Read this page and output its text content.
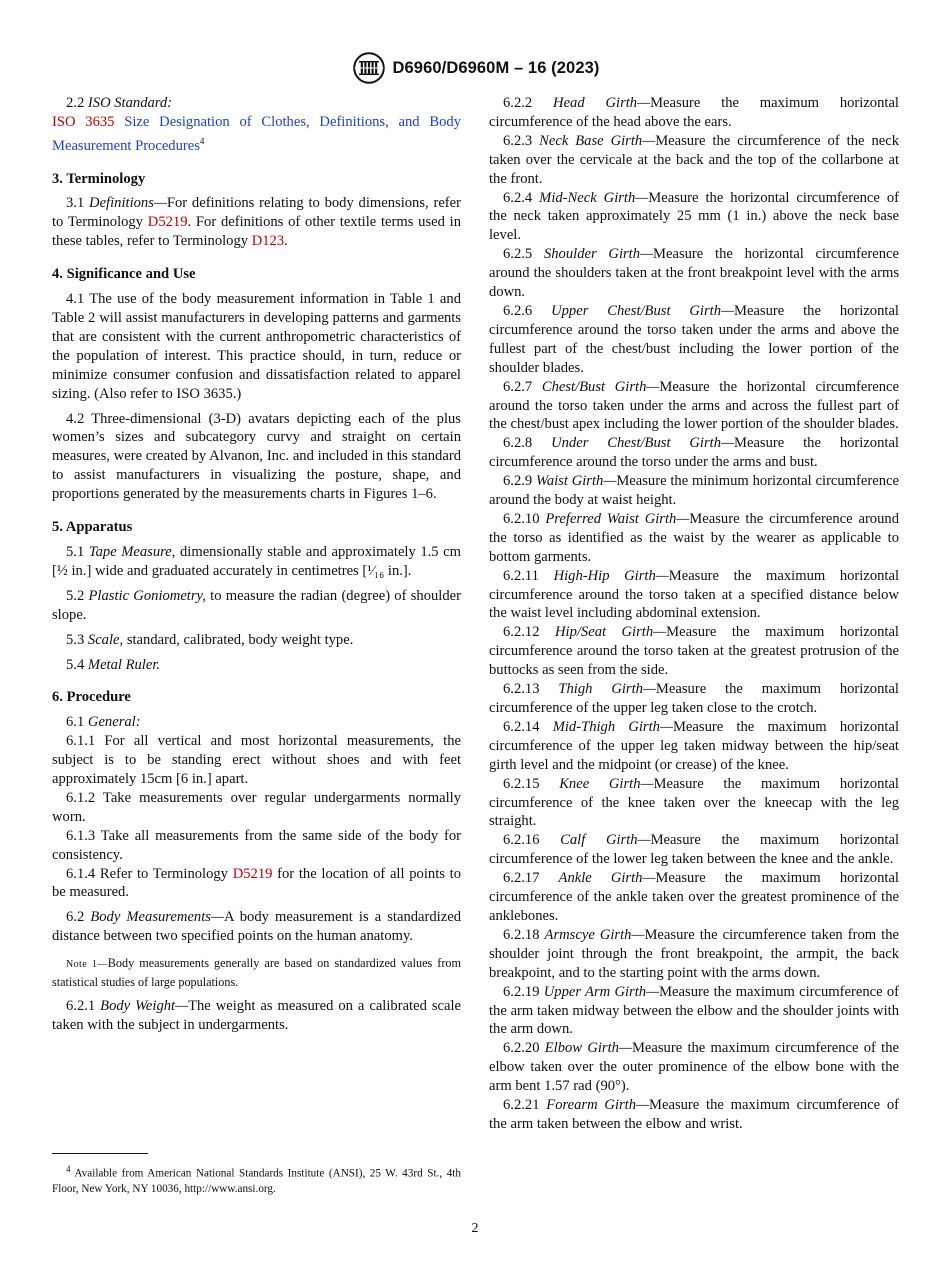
D6960/D6960M – 16 (2023)

2.2 ISO Standard:

ISO 3635 Size Designation of Clothes, Definitions, and Body Measurement Procedures$^4$

3. Terminology

3.1 Definitions—For definitions relating to body dimensions, refer to Terminology D5219. For definitions of other textile terms used in these tables, refer to Terminology D123.

4. Significance and Use

4.1 The use of the body measurement information in Table 1 and Table 2 will assist manufacturers in developing patterns and garments that are consistent with the current anthropometric characteristics of the population of interest. This practice should, in turn, reduce or minimize consumer confusion and dissatisfaction related to apparel sizing. (Also refer to ISO 3635.)

4.2 Three-dimensional (3-D) avatars depicting each of the plus women’s sizes and subcategory curvy and straight on certain measures, were created by Alvanon, Inc. and included in this standard to assist manufacturers in visualizing the posture, shape, and proportions generated by the measurements charts in Figures 1–6.

5. Apparatus

5.1 Tape Measure, dimensionally stable and approximately 1.5 cm [½ in.] wide and graduated accurately in centimetres [¹⁄₁₆ in.].

5.2 Plastic Goniometry, to measure the radian (degree) of shoulder slope.

5.3 Scale, standard, calibrated, body weight type.

5.4 Metal Ruler.

6. Procedure

6.1 General:

6.1.1 For all vertical and most horizontal measurements, the subject is to be standing erect without shoes and with feet approximately 15cm [6 in.] apart.

6.1.2 Take measurements over regular undergarments normally worn.

6.1.3 Take all measurements from the same side of the body for consistency.

6.1.4 Refer to Terminology D5219 for the location of all points to be measured.

6.2 Body Measurements—A body measurement is a standardized distance between two specified points on the human anatomy.

Note 1—Body measurements generally are based on standardized values from statistical studies of large populations.

6.2.1 Body Weight—The weight as measured on a calibrated scale taken with the subject in undergarments.

6.2.2 Head Girth—Measure the maximum horizontal circumference of the head above the ears.

6.2.3 Neck Base Girth—Measure the circumference of the neck taken over the cervicale at the back and the top of the collarbone at the front.

6.2.4 Mid-Neck Girth—Measure the horizontal circumference of the neck taken approximately 25 mm (1 in.) above the neck base level.

6.2.5 Shoulder Girth—Measure the horizontal circumference around the shoulders taken at the front breakpoint level with the arms down.

6.2.6 Upper Chest/Bust Girth—Measure the horizontal circumference around the torso taken under the arms and above the fullest part of the chest/bust including the lower portion of the shoulder blades.

6.2.7 Chest/Bust Girth—Measure the horizontal circumference around the torso taken under the arms and across the fullest part of the chest/bust apex including the lower portion of the shoulder blades.

6.2.8 Under Chest/Bust Girth—Measure the horizontal circumference around the torso under the arms and bust.

6.2.9 Waist Girth—Measure the minimum horizontal circumference around the body at waist height.

6.2.10 Preferred Waist Girth—Measure the circumference around the torso as identified as the waist by the wearer as applicable to bottom garments.

6.2.11 High-Hip Girth—Measure the maximum horizontal circumference around the torso taken at a specified distance below the waist level including abdominal extension.

6.2.12 Hip/Seat Girth—Measure the maximum horizontal circumference around the torso taken at the greatest protrusion of the buttocks as seen from the side.

6.2.13 Thigh Girth—Measure the maximum horizontal circumference of the upper leg taken close to the crotch.

6.2.14 Mid-Thigh Girth—Measure the maximum horizontal circumference of the upper leg taken midway between the hip/seat girth level and the midpoint (or crease) of the knee.

6.2.15 Knee Girth—Measure the maximum horizontal circumference of the knee taken over the kneecap with the leg straight.

6.2.16 Calf Girth—Measure the maximum horizontal circumference of the lower leg taken between the knee and the ankle.

6.2.17 Ankle Girth—Measure the maximum horizontal circumference of the ankle taken over the greatest prominence of the anklebones.

6.2.18 Armscye Girth—Measure the circumference taken from the shoulder joint through the front breakpoint, the armpit, the back breakpoint, and to the starting point with the arms down.

6.2.19 Upper Arm Girth—Measure the maximum circumference of the arm taken midway between the elbow and the shoulder joints with the arm down.

6.2.20 Elbow Girth—Measure the maximum circumference of the elbow taken over the outer prominence of the elbow bone with the arm bent 1.57 rad (90°).

6.2.21 Forearm Girth—Measure the maximum circumference of the arm taken between the elbow and wrist.

$^4$ Available from American National Standards Institute (ANSI), 25 W. 43rd St., 4th Floor, New York, NY 10036, http://www.ansi.org.

2
